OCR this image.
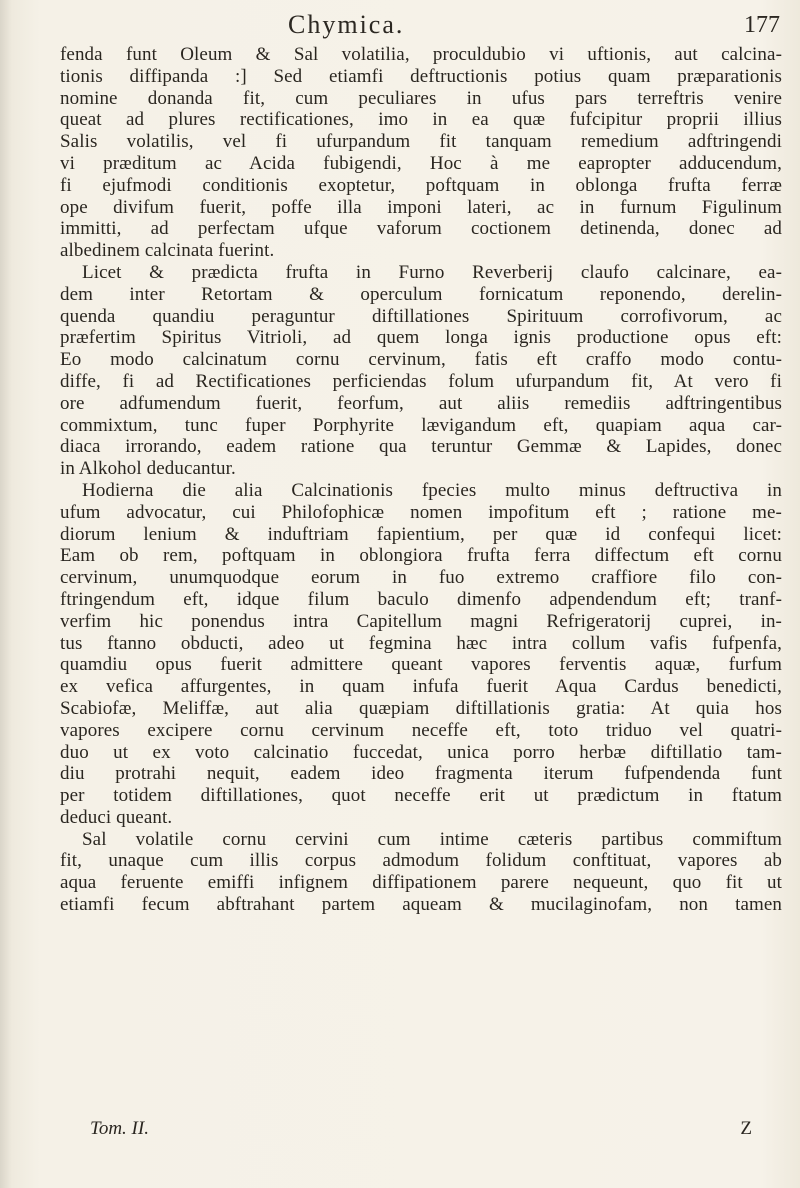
Chymica.	177
fenda funt Oleum & Sal volatilia, proculdubio vi uftionis, aut calcina-
tionis diffipanda :] Sed etiamfi deftructionis potius quam præparationis
nomine donanda fit, cum peculiares in ufus pars terreftris venire
queat ad plures rectificationes, imo in ea quæ fufcipitur proprii illius
Salis volatilis, vel fi ufurpandum fit tanquam remedium adftringendi
vi præditum ac Acida fubigendi, Hoc à me eapropter adducendum,
fi ejufmodi conditionis exoptetur, poftquam in oblonga frufta ferræ
ope divifum fuerit, poffe illa imponi lateri, ac in furnum Figulinum
immitti, ad perfectam ufque vaforum coctionem detinenda, donec ad
albedinem calcinata fuerint.
Licet & prædicta frufta in Furno Reverberij claufo calcinare, ea-
dem inter Retortam & operculum fornicatum reponendo, derelin-
quenda quandiu peraguntur diftillationes Spirituum corrofivorum, ac
præfertim Spiritus Vitrioli, ad quem longa ignis productione opus eft:
Eo modo calcinatum cornu cervinum, fatis eft craffo modo contu-
diffe, fi ad Rectificationes perficiendas folum ufurpandum fit, At vero fi
ore adfumendum fuerit, feorfum, aut aliis remediis adftringentibus
commixtum, tunc fuper Porphyrite lævigandum eft, quapiam aqua car-
diaca irrorando, eadem ratione qua teruntur Gemmæ & Lapides, donec
in Alkohol deducantur.
Hodierna die alia Calcinationis fpecies multo minus deftructiva in
ufum advocatur, cui Philofophicæ nomen impofitum eft ; ratione me-
diorum lenium & induftriam fapientium, per quæ id confequi licet:
Eam ob rem, poftquam in oblongiora frufta ferra diffectum eft cornu
cervinum, unumquodque eorum in fuo extremo craffiore filo con-
ftringendum eft, idque filum baculo dimenfo adpendendum eft; tranf-
verfim hic ponendus intra Capitellum magni Refrigeratorij cuprei, in-
tus ftanno obducti, adeo ut fegmina hæc intra collum vafis fufpenfa,
quamdiu opus fuerit admittere queant vapores ferventis aquæ, furfum
ex vefica affurgentes, in quam infufa fuerit Aqua Cardus benedicti,
Scabiofæ, Meliffæ, aut alia quæpiam diftillationis gratia: At quia hos
vapores excipere cornu cervinum neceffe eft, toto triduo vel quatri-
duo ut ex voto calcinatio fuccedat, unica porro herbæ diftillatio tam-
diu protrahi nequit, eadem ideo fragmenta iterum fufpendenda funt
per totidem diftillationes, quot neceffe erit ut prædictum in ftatum
deduci queant.
Sal volatile cornu cervini cum intime cæteris partibus commiftum
fit, unaque cum illis corpus admodum folidum conftituat, vapores ab
aqua feruente emiffi infignem diffipationem parere nequeunt, quo fit ut
etiamfi fecum abftrahant partem aqueam & mucilaginofam, non tamen
Tom. II.	Z
